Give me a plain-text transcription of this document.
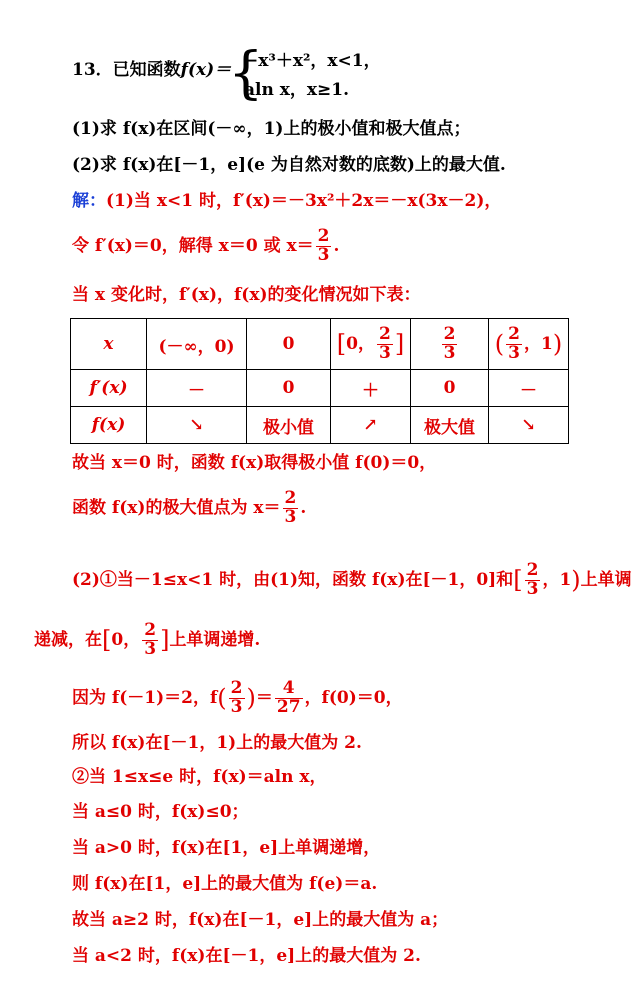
13．已知函数f(x)＝
{
−x³＋x²，x<1，
aln x，x≥1.
(1)求 f(x)在区间(－∞，1)上的极小值和极大值点；
(2)求 f(x)在[－1，e](e 为自然对数的底数)上的最大值.
解：(1)当 x<1 时，f′(x)＝－3x²＋2x＝－x(3x－2)，
令 f′(x)＝0，解得 x＝0 或 $x= \frac{2}{3}$ .
当 x 变化时，f′(x)，f(x)的变化情况如下表：
x	(－∞，0)	0	[0， $\frac{2}{3}$ ]	$\frac{2}{3}$	( $\frac{2}{3}$ ，1)
f′(x)	－	0	＋	0	－
f(x)	↘	极小值	↗	极大值	↘
故当 x＝0 时，函数 f(x)取得极小值 f(0)＝0，
函数 f(x)的极大值点为 $x= \frac{2}{3}$ .
(2)①当－1≤x<1 时，由(1)知，函数 f(x)在[－1，0]和[ $\frac{2}{3}$ ，1)上单调
递减，在[0， $\frac{2}{3}$ ]上单调递增.
因为 f(－1)＝2，$f( \frac{2}{3}$ )＝ $\frac{4}{27}$ ，f(0)＝0，
所以 f(x)在[－1，1)上的最大值为 2.
②当 1≤x≤e 时，f(x)＝aln x，
当 a≤0 时，f(x)≤0；
当 a>0 时，f(x)在[1，e]上单调递增，
则 f(x)在[1，e]上的最大值为 f(e)＝a.
故当 a≥2 时，f(x)在[－1，e]上的最大值为 a；
当 a<2 时，f(x)在[－1，e]上的最大值为 2.
